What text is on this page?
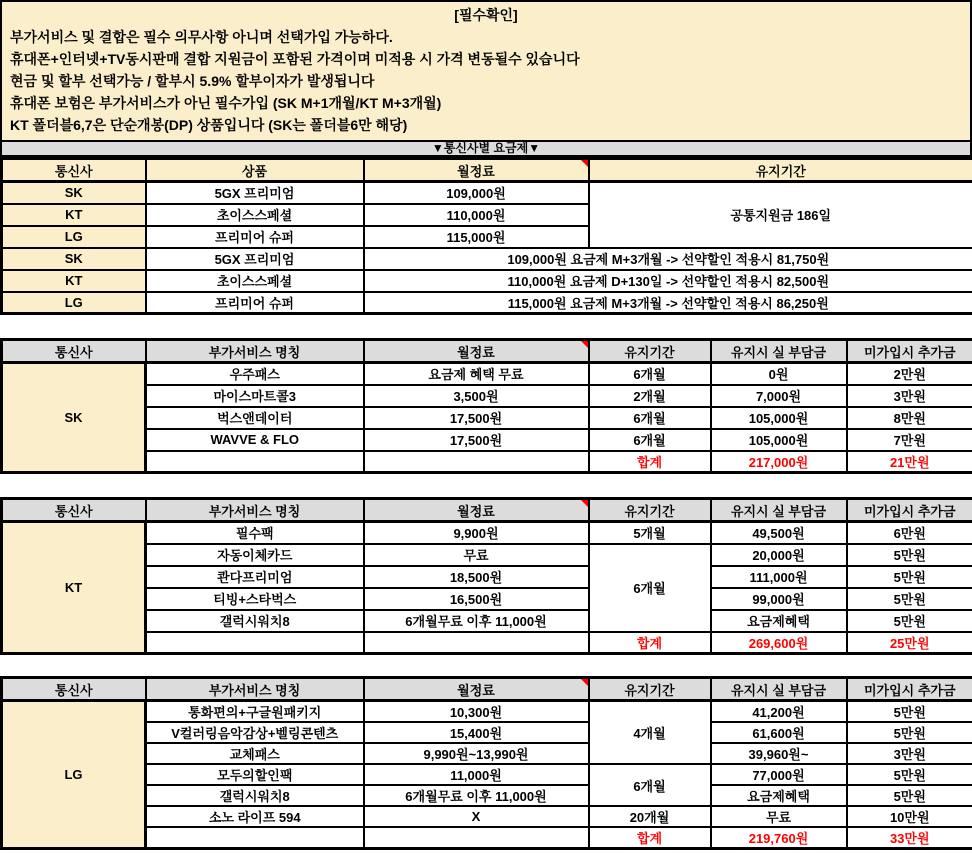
[필수확인]
부가서비스 및 결합은 필수 의무사항 아니며 선택가입 가능하다.
휴대폰+인터넷+TV동시판매 결합 지원금이 포함된 가격이며 미적용 시 가격 변동될수 있습니다
현금 및 할부 선택가능 / 할부시 5.9% 할부이자가 발생됩니다
휴대폰 보험은 부가서비스가 아닌 필수가입 (SK M+1개월/KT M+3개월)
KT 폴더블6,7은 단순개봉(DP) 상품입니다 (SK는 폴더블6만 해당)
▼통신사별 요금제▼
통신사	상품	월정료	유지기간
SK	5GX 프리미엄	109,000원	공통지원금 186일
KT	초이스스페셜	110,000원	
LG	프리미어 슈퍼	115,000원	
SK	5GX 프리미엄	109,000원 요금제 M+3개월 -> 선약할인 적용시 81,750원	
KT	초이스스페셜	110,000원 요금제 D+130일 -> 선약할인 적용시 82,500원	
LG	프리미어 슈퍼	115,000원 요금제 M+3개월 -> 선약할인 적용시 86,250원	
통신사	부가서비스 명칭	월정료	유지기간	유지시 실 부담금	미가입시 추가금
SK	우주패스	요금제 혜택 무료	6개월	0원	2만원
	마이스마트콜3	3,500원	2개월	7,000원	3만원
	벅스앤데이터	17,500원	6개월	105,000원	8만원
	WAVVE & FLO	17,500원	6개월	105,000원	7만원
			합계	217,000원	21만원
통신사	부가서비스 명칭	월정료	유지기간	유지시 실 부담금	미가입시 추가금
KT	필수팩	9,900원	5개월	49,500원	6만원
	자동이체카드	무료	6개월	20,000원	5만원
	콴다프리미엄	18,500원		111,000원	5만원
	티빙+스타벅스	16,500원		99,000원	5만원
	갤럭시워치8	6개월무료 이후 11,000원		요금제혜택	5만원
			합계	269,600원	25만원
통신사	부가서비스 명칭	월정료	유지기간	유지시 실 부담금	미가입시 추가금
LG	통화편의+구글원패키지	10,300원	4개월	41,200원	5만원
	V컬러링음악감상+벨링콘텐츠	15,400원		61,600원	5만원
	교체패스	9,990원~13,990원		39,960원~	3만원
	모두의할인팩	11,000원	6개월	77,000원	5만원
	갤럭시워치8	6개월무료 이후 11,000원		요금제혜택	5만원
	소노 라이프 594	X	20개월	무료	10만원
			합계	219,760원	33만원
